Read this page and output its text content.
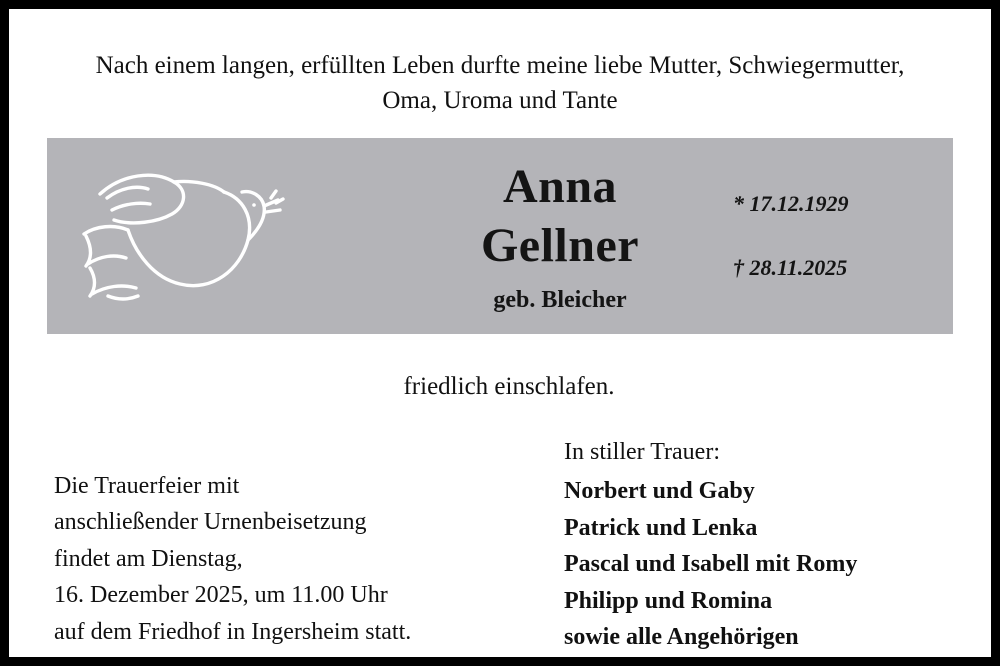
Nach einem langen, erfüllten Leben durfte meine liebe Mutter, Schwiegermutter,
Oma, Uroma und Tante
Anna
Gellner
geb. Bleicher
* 17.12.1929
† 28.11.2025
friedlich einschlafen.
Die Trauerfeier mit
anschließender Urnenbeisetzung
findet am Dienstag,
16. Dezember 2025, um 11.00 Uhr
auf dem Friedhof in Ingersheim statt.
In stiller Trauer:
Norbert und Gaby
Patrick und Lenka
Pascal und Isabell mit Romy
Philipp und Romina
sowie alle Angehörigen
